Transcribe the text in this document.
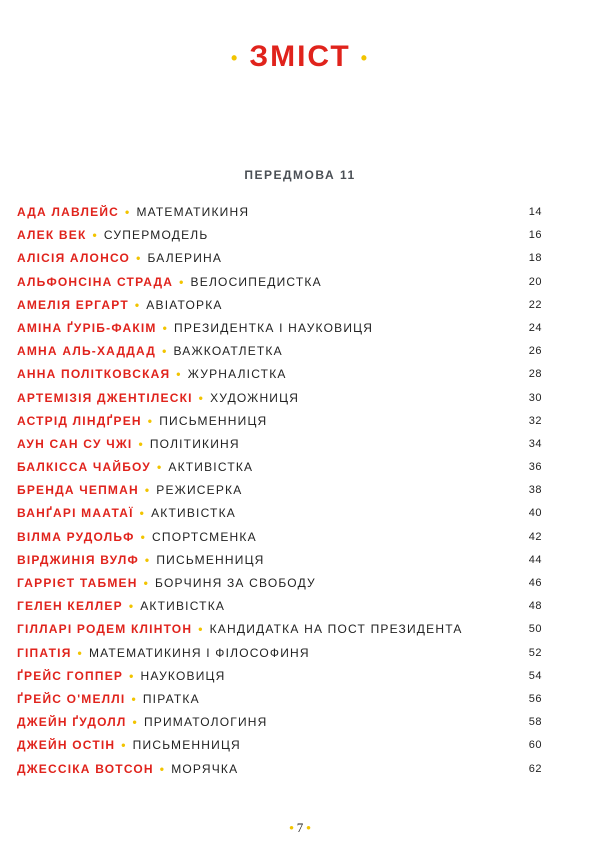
• ЗМІСТ •
ПЕРЕДМОВА 11
АДА ЛАВЛЕЙС • МАТЕМАТИКИНЯ	14
АЛЕК ВЕК • СУПЕРМОДЕЛЬ	16
АЛІСІЯ АЛОНСО • БАЛЕРИНА	18
АЛЬФОНСІНА СТРАДА • ВЕЛОСИПЕДИСТКА	20
АМЕЛІЯ ЕРГАРТ • АВІАТОРКА	22
АМІНА ҐУРІБ-ФАКІМ • ПРЕЗИДЕНТКА І НАУКОВИЦЯ	24
АМНА АЛЬ-ХАДДАД • ВАЖКОАТЛЕТКА	26
АННА ПОЛІТКОВСКАЯ • ЖУРНАЛІСТКА	28
АРТЕМІЗІЯ ДЖЕНТІЛЕСКІ • ХУДОЖНИЦЯ	30
АСТРІД ЛІНДҐРЕН • ПИСЬМЕННИЦЯ	32
АУН САН СУ ЧЖІ • ПОЛІТИКИНЯ	34
БАЛКІССА ЧАЙБОУ • АКТИВІСТКА	36
БРЕНДА ЧЕПМАН • РЕЖИСЕРКА	38
ВАНҐАРІ МААТАЇ • АКТИВІСТКА	40
ВІЛМА РУДОЛЬФ • СПОРТСМЕНКА	42
ВІРДЖИНІЯ ВУЛФ • ПИСЬМЕННИЦЯ	44
ГАРРІЄТ ТАБМЕН • БОРЧИНЯ ЗА СВОБОДУ	46
ГЕЛЕН КЕЛЛЕР • АКТИВІСТКА	48
ГІЛЛАРІ РОДЕМ КЛІНТОН • КАНДИДАТКА НА ПОСТ ПРЕЗИДЕНТА	50
ГІПАТІЯ • МАТЕМАТИКИНЯ І ФІЛОСОФИНЯ	52
ҐРЕЙС ГОППЕР • НАУКОВИЦЯ	54
ҐРЕЙС О'МЕЛЛІ • ПІРАТКА	56
ДЖЕЙН ҐУДОЛЛ • ПРИМАТОЛОГИНЯ	58
ДЖЕЙН ОСТІН • ПИСЬМЕННИЦЯ	60
ДЖЕССІКА ВОТСОН • МОРЯЧКА	62
• 7 •
